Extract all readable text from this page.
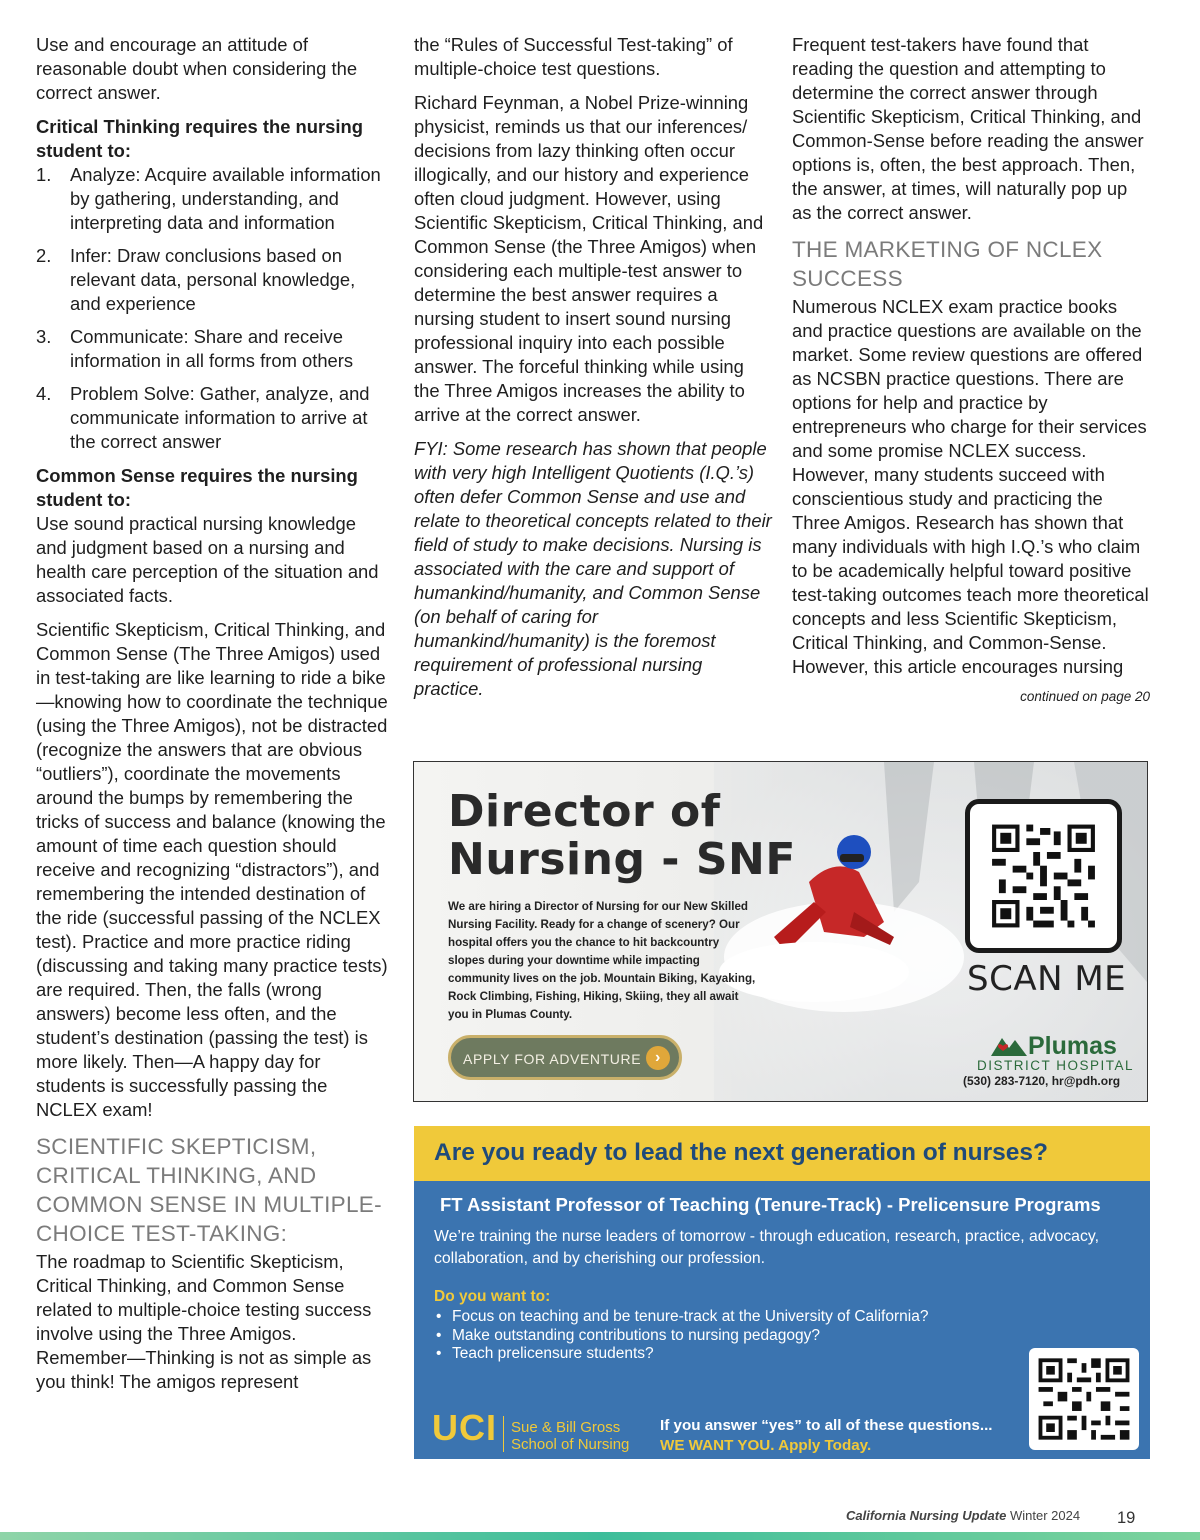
Use and encourage an attitude of reasonable doubt when considering the correct answer.

Critical Thinking requires the nursing student to:

1. Analyze: Acquire available information by gathering, understanding, and interpreting data and information
2. Infer: Draw conclusions based on relevant data, personal knowledge, and experience
3. Communicate: Share and receive information in all forms from others
4. Problem Solve: Gather, analyze, and communicate information to arrive at the correct answer

Common Sense requires the nursing student to:

Use sound practical nursing knowledge and judgment based on a nursing and health care perception of the situation and associated facts.

Scientific Skepticism, Critical Thinking, and Common Sense (The Three Amigos) used in test-taking are like learning to ride a bike—knowing how to coordinate the technique (using the Three Amigos), not be distracted (recognize the answers that are obvious “outliers”), coordinate the movements around the bumps by remembering the tricks of success and balance (knowing the amount of time each question should receive and recognizing “distractors”), and remembering the intended destination of the ride (successful passing of the NCLEX test). Practice and more practice riding (discussing and taking many practice tests) are required. Then, the falls (wrong answers) become less often, and the student’s destination (passing the test) is more likely. Then—A happy day for students is successfully passing the NCLEX exam!

SCIENTIFIC SKEPTICISM, CRITICAL THINKING, AND COMMON SENSE IN MULTIPLE-CHOICE TEST-TAKING:

The roadmap to Scientific Skepticism, Critical Thinking, and Common Sense related to multiple-choice testing success involve using the Three Amigos. Remember—Thinking is not as simple as you think! The amigos represent

the “Rules of Successful Test-taking” of multiple-choice test questions.

Richard Feynman, a Nobel Prize-winning physicist, reminds us that our inferences/ decisions from lazy thinking often occur illogically, and our history and experience often cloud judgment. However, using Scientific Skepticism, Critical Thinking, and Common Sense (the Three Amigos) when considering each multiple-test answer to determine the best answer requires a nursing student to insert sound nursing professional inquiry into each possible answer. The forceful thinking while using the Three Amigos increases the ability to arrive at the correct answer.

FYI: Some research has shown that people with very high Intelligent Quotients (I.Q.’s) often defer Common Sense and use and relate to theoretical concepts related to their field of study to make decisions. Nursing is associated with the care and support of humankind/humanity, and Common Sense (on behalf of caring for humankind/humanity) is the foremost requirement of professional nursing practice.

Frequent test-takers have found that reading the question and attempting to determine the correct answer through Scientific Skepticism, Critical Thinking, and Common-Sense before reading the answer options is, often, the best approach. Then, the answer, at times, will naturally pop up as the correct answer.

THE MARKETING OF NCLEX SUCCESS

Numerous NCLEX exam practice books and practice questions are available on the market. Some review questions are offered as NCSBN practice questions. There are options for help and practice by entrepreneurs who charge for their services and some promise NCLEX success. However, many students succeed with conscientious study and practicing the Three Amigos. Research has shown that many individuals with high I.Q.’s who claim to be academically helpful toward positive test-taking outcomes teach more theoretical concepts and less Scientific Skepticism, Critical Thinking, and Common-Sense. However, this article encourages nursing

continued on page 20
Director of
Nursing - SNF
We are hiring a Director of Nursing for our New Skilled Nursing Facility. Ready for a change of scenery? Our hospital offers you the chance to hit backcountry slopes during your downtime while impacting community lives on the job. Mountain Biking, Kayaking, Rock Climbing, Fishing, Hiking, Skiing, they all await you in Plumas County.
APPLY FOR ADVENTURE ›
SCAN ME
Plumas
DISTRICT HOSPITAL
(530) 283-7120, hr@pdh.org
Are you ready to lead the next generation of nurses?
FT Assistant Professor of Teaching (Tenure-Track) - Prelicensure Programs
We’re training the nurse leaders of tomorrow - through education, research, practice, advocacy, collaboration, and by cherishing our profession.
Do you want to:
• Focus on teaching and be tenure-track at the University of California?
• Make outstanding contributions to nursing pedagogy?
• Teach prelicensure students?
UCI Sue & Bill Gross
School of Nursing
If you answer “yes” to all of these questions...
WE WANT YOU. Apply Today.
California Nursing Update Winter 2024 19
